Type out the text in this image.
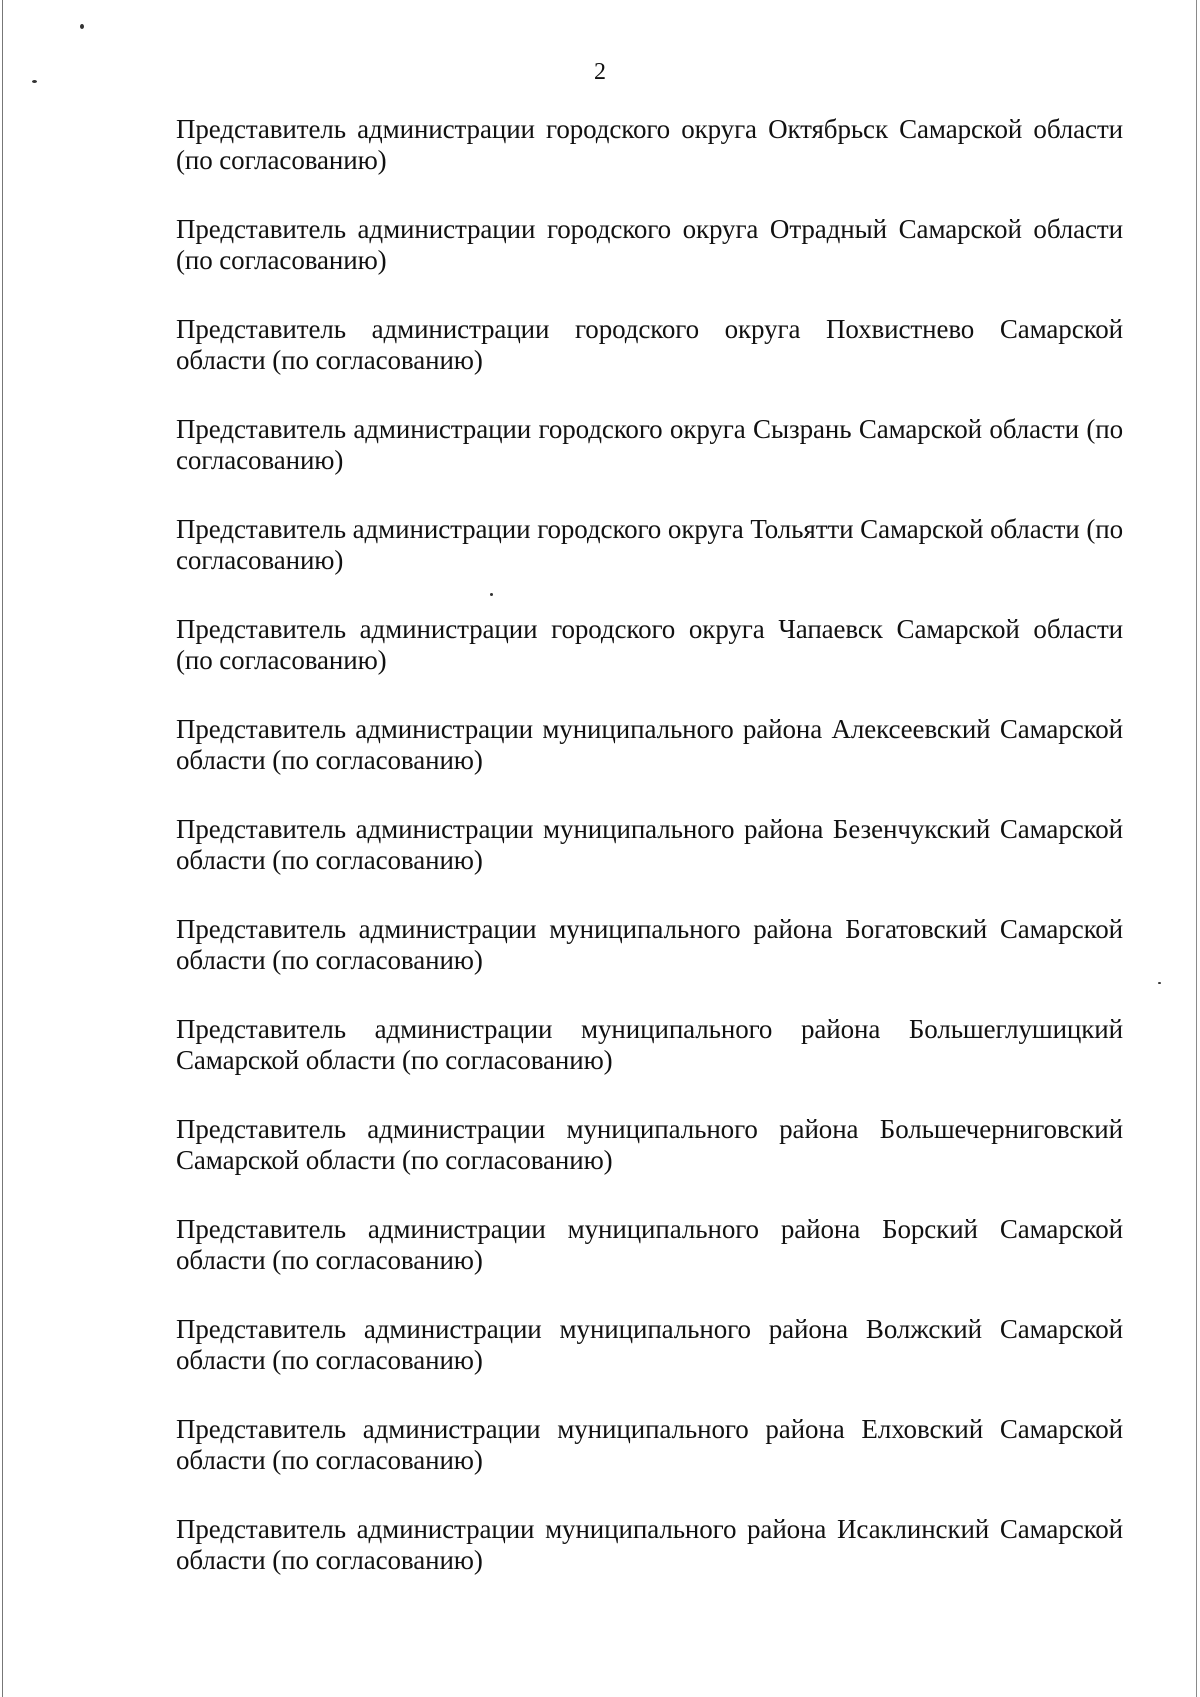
2

Представитель администрации городского округа Октябрьск Самарской области (по согласованию)

Представитель администрации городского округа Отрадный Самарской области (по согласованию)

Представитель администрации городского округа Похвистнево Самарской области (по согласованию)

Представитель администрации городского округа Сызрань Самарской области (по согласованию)

Представитель администрации городского округа Тольятти Самарской области (по согласованию)

Представитель администрации городского округа Чапаевск Самарской области (по согласованию)

Представитель администрации муниципального района Алексеевский Самарской области (по согласованию)

Представитель администрации муниципального района Безенчукский Самарской области (по согласованию)

Представитель администрации муниципального района Богатовский Самарской области (по согласованию)

Представитель администрации муниципального района Большеглушицкий Самарской области (по согласованию)

Представитель администрации муниципального района Большечерниговский Самарской области (по согласованию)

Представитель администрации муниципального района Борский Самарской области (по согласованию)

Представитель администрации муниципального района Волжский Самарской области (по согласованию)

Представитель администрации муниципального района Елховский Самарской области (по согласованию)

Представитель администрации муниципального района Исаклинский Самарской области (по согласованию)
